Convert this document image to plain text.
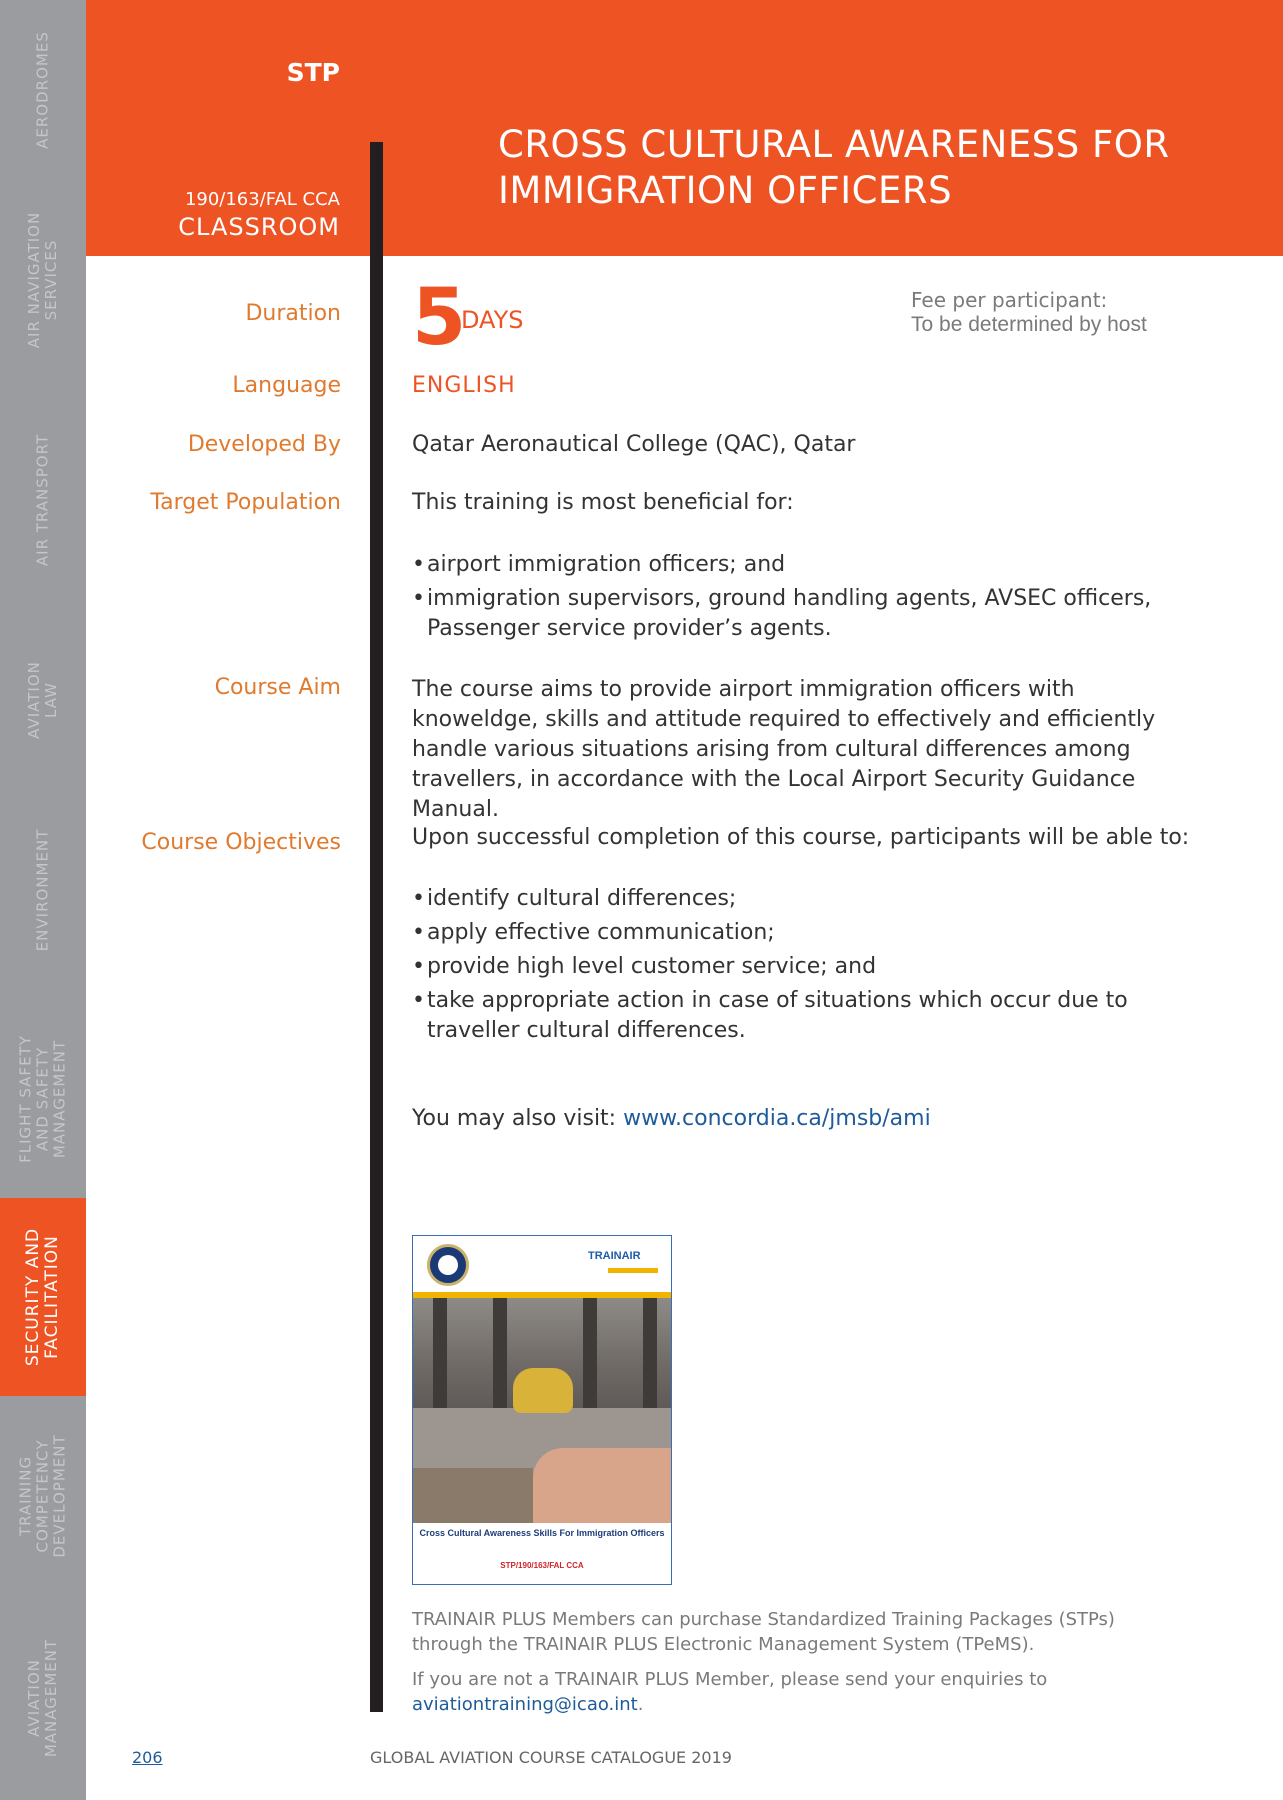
AERODROMES
AIR NAVIGATION
SERVICES
AIR TRANSPORT
AVIATION
LAW
ENVIRONMENT
FLIGHT SAFETY
AND SAFETY
MANAGEMENT
SECURITY AND
FACILITATION
TRAINING
COMPETENCY
DEVELOPMENT
AVIATION
MANAGEMENT
STP
190/163/FAL CCA
CLASSROOM
CROSS CULTURAL AWARENESS FOR IMMIGRATION OFFICERS
Duration
Language
Developed By
Target Population
Course Aim
Course Objectives
5
DAYS
Fee per participant:
To be determined by host
ENGLISH
Qatar Aeronautical College (QAC), Qatar
This training is most beneficial for:
• airport immigration officers; and
• immigration supervisors, ground handling agents, AVSEC officers, Passenger service provider’s agents.
The course aims to provide airport immigration officers with knoweldge, skills and attitude required to effectively and efficiently handle various situations arising from cultural differences among travellers, in accordance with the Local Airport Security Guidance Manual.
Upon successful completion of this course, participants will be able to:
• identify cultural differences;
• apply effective communication;
• provide high level customer service; and
• take appropriate action in case of situations which occur due to traveller cultural differences.
You may also visit: www.concordia.ca/jmsb/ami
TRAINAIR
Cross Cultural Awareness Skills For Immigration Officers
STP/190/163/FAL CCA
TRAINAIR PLUS Members can purchase Standardized Training Packages (STPs) through the TRAINAIR PLUS Electronic Management System (TPeMS).
If you are not a TRAINAIR PLUS Member, please send your enquiries to
aviationtraining@icao.int.
206	GLOBAL AVIATION COURSE CATALOGUE 2019
